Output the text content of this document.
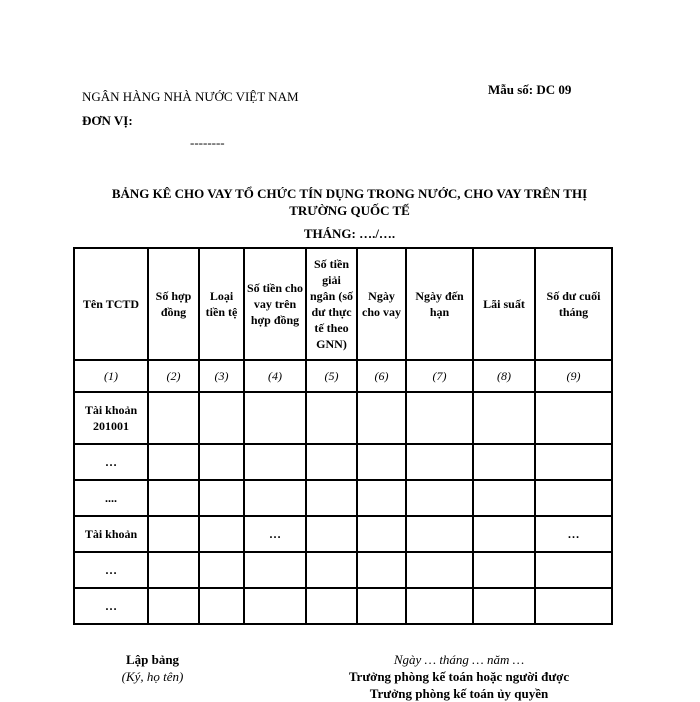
NGÂN HÀNG NHÀ NƯỚC VIỆT NAM
ĐƠN VỊ:
--------
Mẫu số: DC 09
BẢNG KÊ CHO VAY TỔ CHỨC TÍN DỤNG TRONG NƯỚC, CHO VAY TRÊN THỊ TRƯỜNG QUỐC TẾ
THÁNG: …./….
Tên TCTD	Số hợp đồng	Loại tiền tệ	Số tiền cho vay trên hợp đồng	Số tiền giải ngân (số dư thực tế theo GNN)	Ngày cho vay	Ngày đến hạn	Lãi suất	Số dư cuối tháng
(1)	(2)	(3)	(4)	(5)	(6)	(7)	(8)	(9)
Tài khoản 201001								
…								
....								
Tài khoản			…					…
…								
…								
Lập bảng
(Ký, họ tên)
Ngày … tháng … năm …
Trưởng phòng kế toán hoặc người được
Trưởng phòng kế toán ủy quyền
